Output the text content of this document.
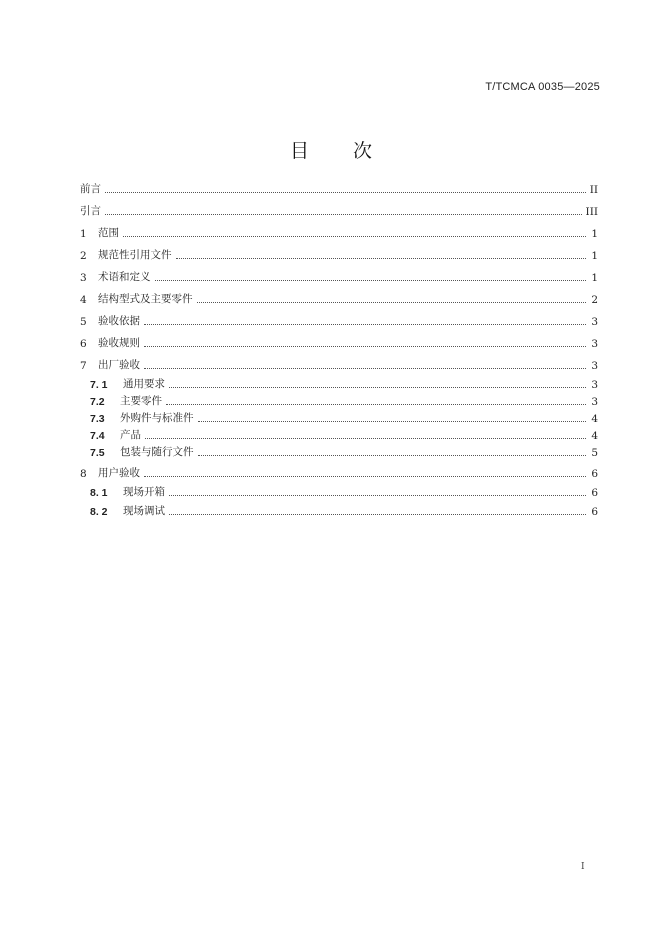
T/TCMCA 0035—2025
目 次
前言	II
引言	III
1	范围	1
2	规范性引用文件	1
3	术语和定义	1
4	结构型式及主要零件	2
5	验收依据	3
6	验收规则	3
7	出厂验收	3
7. 1	通用要求	3
7.2	主要零件	3
7.3	外购件与标准件	4
7.4	产品	4
7.5	包装与随行文件	5
8	用户验收	6
8. 1	现场开箱	6
8. 2	现场调试	6
I
